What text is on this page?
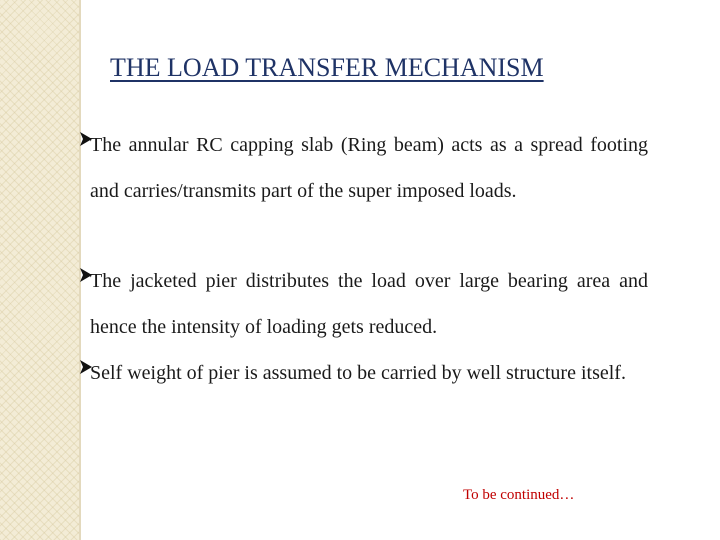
THE LOAD TRANSFER MECHANISM
The annular RC capping slab (Ring beam) acts as a spread footing and carries/transmits part of the super imposed loads.
The jacketed pier distributes the load over large bearing area and hence the intensity of loading gets reduced.
Self weight of pier is assumed to be carried by well structure itself.
To be continued…
